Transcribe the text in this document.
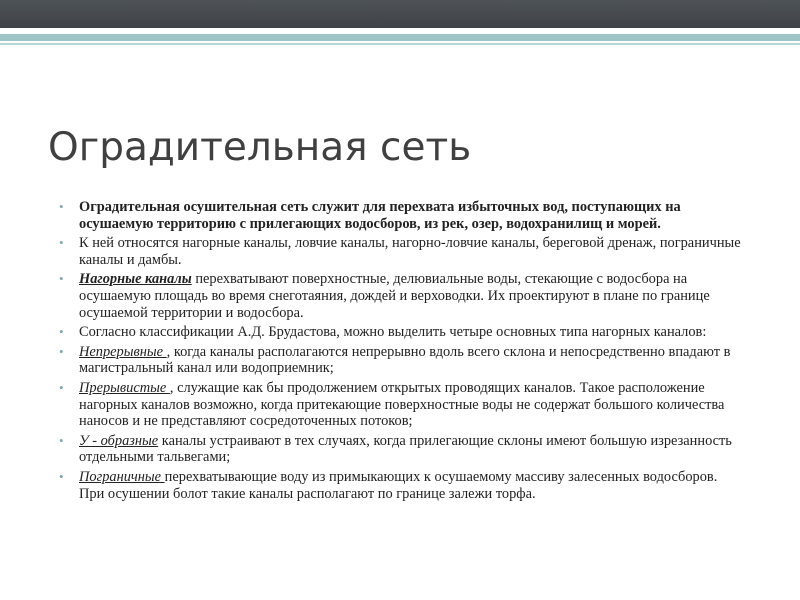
Оградительная сеть
• Оградительная осушительная сеть служит для перехвата избыточных вод, поступающих на осушаемую территорию с прилегающих водосборов, из рек, озер, водохранилищ и морей.
• К ней относятся нагорные каналы, ловчие каналы, нагорно-ловчие каналы, береговой дренаж, пограничные каналы и дамбы.
• Нагорные каналы перехватывают поверхностные, делювиальные воды, стекающие с водосбора на осушаемую площадь во время снеготаяния, дождей и верховодки. Их проектируют в плане по границе осушаемой территории и водосбора.
• Согласно классификации А.Д. Брудастова, можно выделить четыре основных типа нагорных каналов:
• Непрерывные , когда каналы располагаются непрерывно вдоль всего склона и непосредственно впадают в магистральный канал или водоприемник;
• Прерывистые , служащие как бы продолжением открытых проводящих каналов. Такое расположение нагорных каналов возможно, когда притекающие поверхностные воды не содержат большого количества наносов и не представляют сосредоточенных потоков;
• У - образные каналы устраивают в тех случаях, когда прилегающие склоны имеют большую изрезанность отдельными тальвегами;
• Пограничные перехватывающие воду из примыкающих к осушаемому массиву залесенных водосборов. При осушении болот такие каналы располагают по границе залежи торфа.
